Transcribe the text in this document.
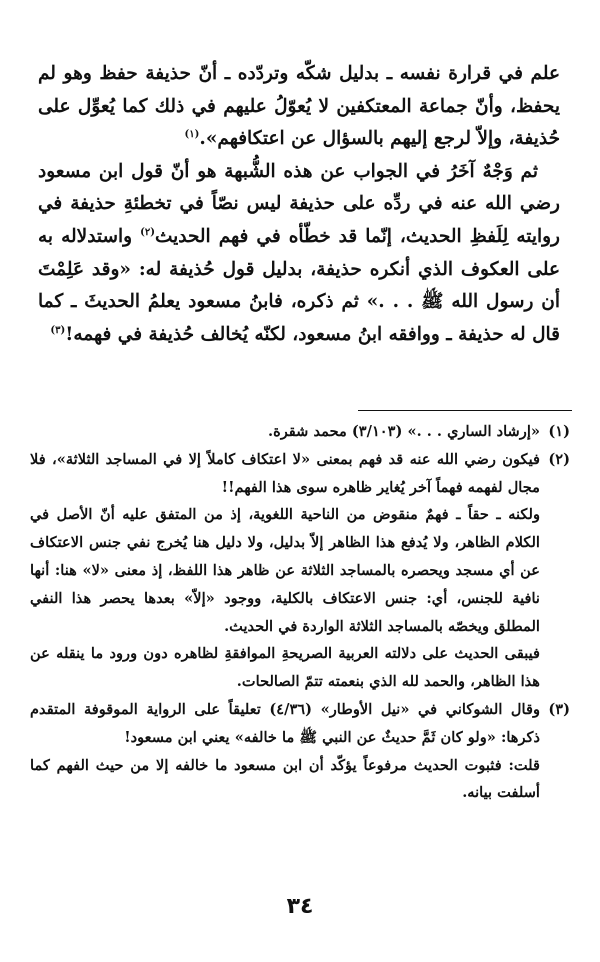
علم في قرارة نفسه ـ بدليل شكّه وتردّده ـ أنّ حذيفة حفظ وهو لم يحفظ، وأنّ جماعة المعتكفين لا يُعوّلُ عليهم في ذلك كما يُعوِّل على حُذيفة، وإلاّ لرجع إليهم بالسؤال عن اعتكافهم».$^{(١)}$

ثم وَجْهٌ آخَرُ في الجواب عن هذه الشُّبهة هو أنّ قول ابن مسعود رضي الله عنه في ردِّه على حذيفة ليس نصّاً في تخطئةِ حذيفة في روايته لِلَفظِ الحديث، إنّما قد خطّأه في فهم الحديث$^{(٢)}$ واستدلاله به على العكوف الذي أنكره حذيفة، بدليل قول حُذيفة له: «وقد عَلِمْتَ أن رسول الله ﷺ . . .» ثم ذكره، فابنُ مسعود يعلمُ الحديثَ ـ كما قال له حذيفة ـ ووافقه ابنُ مسعود، لكنّه يُخالف حُذيفة في فهمه!$^{(٣)}$

(١)

«إرشاد الساري . . .» (٣/١٠٣) محمد شقرة.

(٢)

فيكون رضي الله عنه قد فهم بمعنى «لا اعتكاف كاملاً إلا في المساجد الثلاثة»، فلا مجال لفهمه فهماً آخر يُغاير ظاهره سوى هذا الفهم!!

ولكنه ـ حقاً ـ فهمٌ منقوض من الناحية اللغوية، إذ من المتفق عليه أنّ الأصل في الكلام الظاهر، ولا يُدفع هذا الظاهر إلاّ بدليل، ولا دليل هنا يُخرج نفي جنس الاعتكاف عن أي مسجد ويحصره بالمساجد الثلاثة عن ظاهر هذا اللفظ، إذ معنى «لا» هنا: أنها نافية للجنس، أي: جنس الاعتكاف بالكلية، ووجود «إلاّ» بعدها يحصر هذا النفي المطلق ويخصّه بالمساجد الثلاثة الواردة في الحديث.

فيبقى الحديث على دلالته العربية الصريحةِ الموافقةِ لظاهره دون ورود ما ينقله عن هذا الظاهر، والحمد لله الذي بنعمته تتمّ الصالحات.

(٣)

وقال الشوكاني في «نيل الأوطار» (٤/٣٦) تعليقاً على الرواية الموقوفة المتقدم ذكرها: «ولو كان ثَمَّ حديثٌ عن النبي ﷺ ما خالفه» يعني ابن مسعود!

قلت: فثبوت الحديث مرفوعاً يؤكّد أن ابن مسعود ما خالفه إلا من حيث الفهم كما أسلفت بيانه.

٣٤
